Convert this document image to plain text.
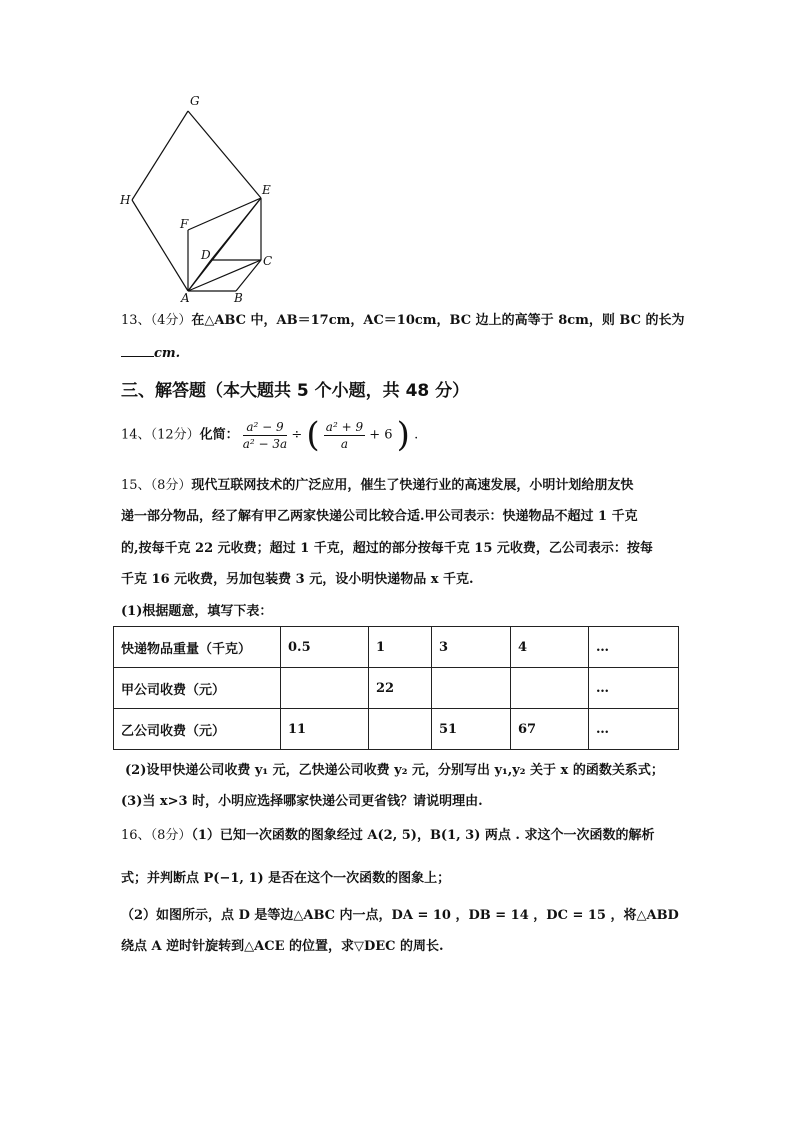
G
H
E
F
D	C
A	B
13、（4分）在△ABC 中，AB＝17cm，AC＝10cm，BC 边上的高等于 8cm，则 BC 的长为
cm.
三、解答题（本大题共 5 个小题，共 48 分）
14、（12分）化简： $\frac{\text{a² − 9}}{\text{a² − 3a}}$ ÷ ( $\frac{\text{a² + 9}}{a} + 6$ ) .
15、（8分）现代互联网技术的广泛应用，催生了快递行业的高速发展，小明计划给朋友快
递一部分物品，经了解有甲乙两家快递公司比较合适.甲公司表示：快递物品不超过 1 千克
的,按每千克 22 元收费；超过 1 千克，超过的部分按每千克 15 元收费，乙公司表示：按每
千克 16 元收费，另加包装费 3 元，设小明快递物品 x 千克.
(1)根据题意，填写下表：
快递物品重量（千克）	0.5	1	3	4	…
甲公司收费（元）		22			…
乙公司收费（元）	11		51	67	…
(2)设甲快递公司收费 y₁ 元，乙快递公司收费 y₂ 元，分别写出 y₁,y₂ 关于 x 的函数关系式；
(3)当 x>3 时，小明应选择哪家快递公司更省钱？请说明理由.
16、（8分）（1）已知一次函数的图象经过 A(2, 5)，B(1, 3) 两点 . 求这个一次函数的解析
式；并判断点 P(−1, 1) 是否在这个一次函数的图象上；
（2）如图所示，点 D 是等边△ABC 内一点，DA = 10 ，DB = 14 ，DC = 15 ，将△ABD
绕点 A 逆时针旋转到△ACE 的位置，求▽DEC 的周长.
